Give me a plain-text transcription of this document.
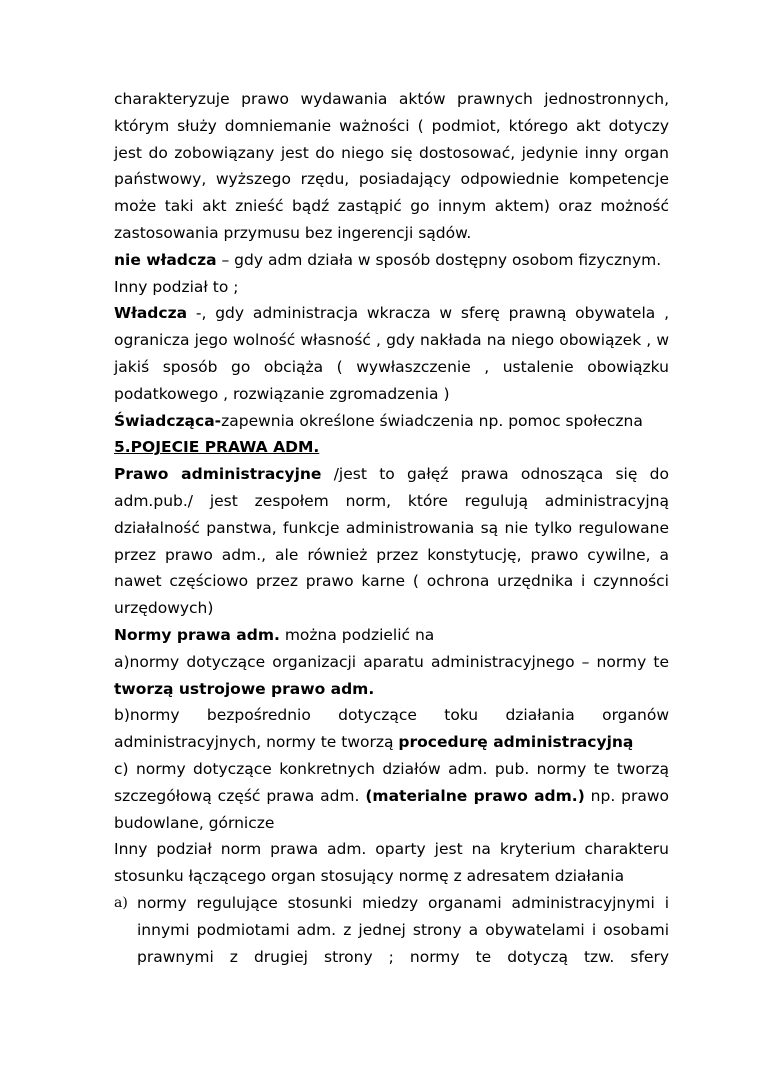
charakteryzuje prawo wydawania aktów prawnych jednostronnych,

którym służy domniemanie ważności ( podmiot, którego akt dotyczy

jest do zobowiązany jest do niego się dostosować, jedynie inny organ

państwowy, wyższego rzędu, posiadający odpowiednie kompetencje

może taki akt znieść bądź zastąpić go innym aktem) oraz możność

zastosowania przymusu bez ingerencji sądów.

nie władcza – gdy adm działa w sposób dostępny osobom fizycznym.

Inny podział to ;

Władcza -, gdy administracja wkracza w sferę prawną obywatela ,

ogranicza jego wolność własność , gdy nakłada na niego obowiązek , w

jakiś sposób go obciąża ( wywłaszczenie , ustalenie obowiązku

podatkowego , rozwiązanie zgromadzenia )

Świadcząca-zapewnia określone świadczenia np. pomoc społeczna

5.POJECIE PRAWA ADM.

Prawo administracyjne /jest to gałęź prawa odnosząca się do

adm.pub./ jest zespołem norm, które regulują administracyjną

działalność panstwa, funkcje administrowania są nie tylko regulowane

przez prawo adm., ale również przez konstytucję, prawo cywilne, a

nawet częściowo przez prawo karne ( ochrona urzędnika i czynności

urzędowych)

Normy prawa adm. można podzielić na

a)normy dotyczące organizacji aparatu administracyjnego – normy te

tworzą ustrojowe prawo adm.

b)normy bezpośrednio dotyczące toku działania organów

administracyjnych, normy te tworzą procedurę administracyjną

c) normy dotyczące konkretnych działów adm. pub. normy te tworzą

szczegółową część prawa adm. (materialne prawo adm.) np. prawo

budowlane, górnicze

Inny podział norm prawa adm. oparty jest na kryterium charakteru

stosunku łączącego organ stosujący normę z adresatem działania

a) normy regulujące stosunki miedzy organami administracyjnymi i

innymi podmiotami adm. z jednej strony a obywatelami i osobami

prawnymi z drugiej strony ; normy te dotyczą tzw. sfery
